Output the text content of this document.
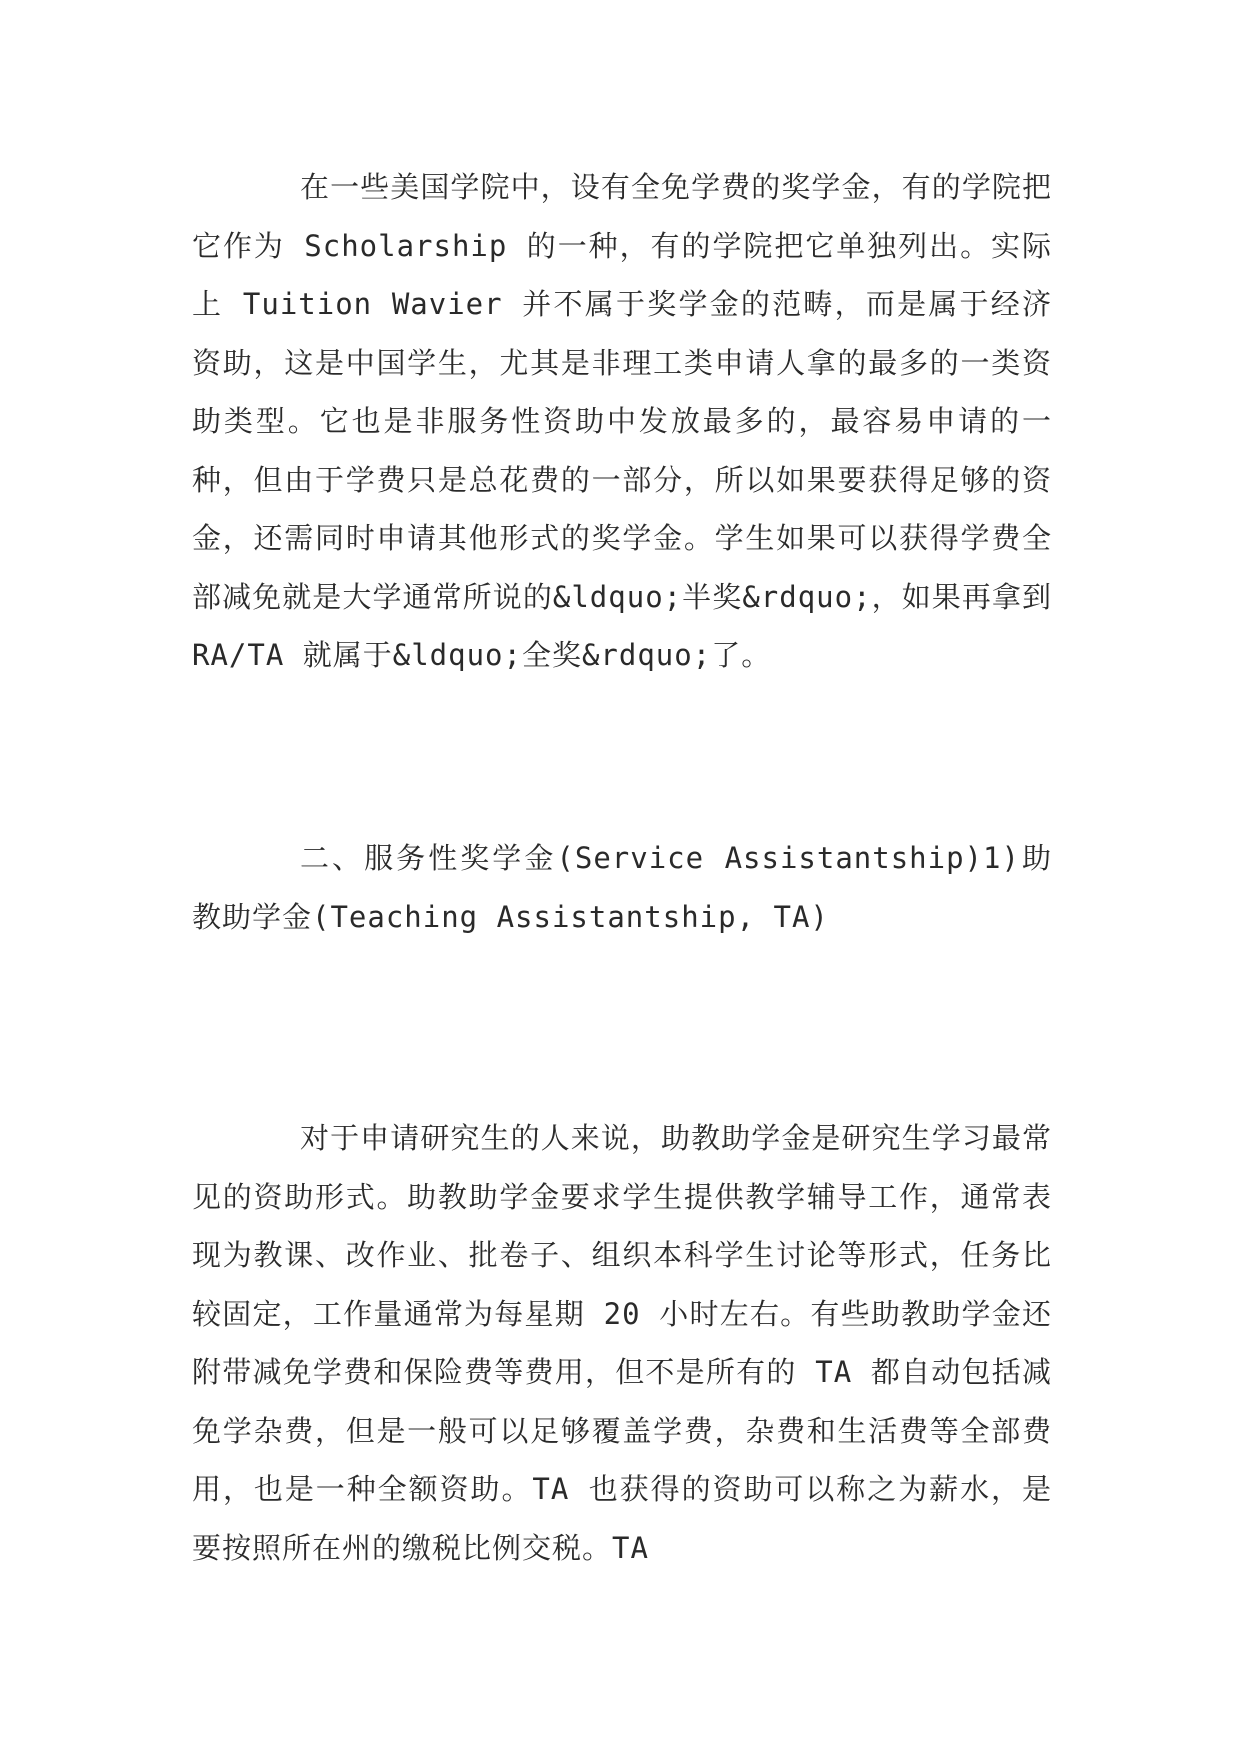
在一些美国学院中，设有全免学费的奖学金，有的学院把它作为 Scholarship 的一种，有的学院把它单独列出。实际上 Tuition Wavier 并不属于奖学金的范畴，而是属于经济资助，这是中国学生，尤其是非理工类申请人拿的最多的一类资助类型。它也是非服务性资助中发放最多的，最容易申请的一种，但由于学费只是总花费的一部分，所以如果要获得足够的资金，还需同时申请其他形式的奖学金。学生如果可以获得学费全部减免就是大学通常所说的&ldquo;半奖&rdquo;，如果再拿到 RA/TA 就属于&ldquo;全奖&rdquo;了。

二、服务性奖学金(Service Assistantship)1)助教助学金(Teaching Assistantship, TA)

对于申请研究生的人来说，助教助学金是研究生学习最常见的资助形式。助教助学金要求学生提供教学辅导工作，通常表现为教课、改作业、批卷子、组织本科学生讨论等形式，任务比较固定，工作量通常为每星期 20 小时左右。有些助教助学金还附带减免学费和保险费等费用，但不是所有的 TA 都自动包括减免学杂费，但是一般可以足够覆盖学费，杂费和生活费等全部费用，也是一种全额资助。TA 也获得的资助可以称之为薪水，是要按照所在州的缴税比例交税。TA
